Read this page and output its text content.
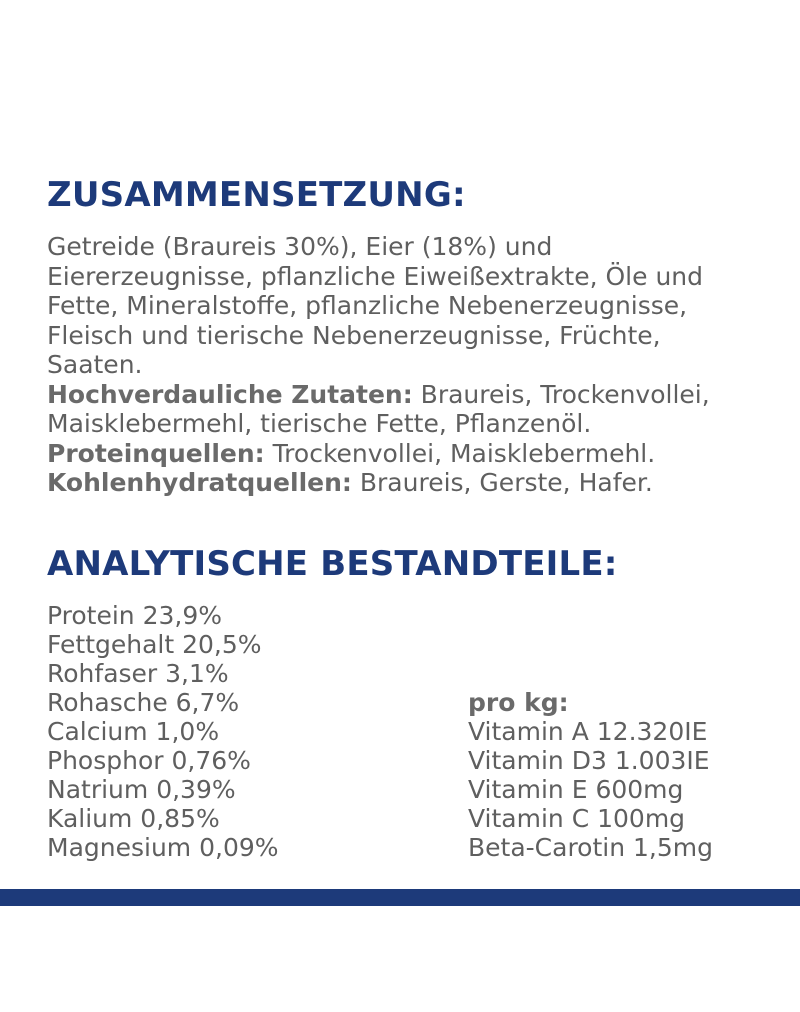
ZUSAMMENSETZUNG:
Getreide (Braureis 30%), Eier (18%) und
Eiererzeugnisse, pflanzliche Eiweißextrakte, Öle und
Fette, Mineralstoffe, pflanzliche Nebenerzeugnisse,
Fleisch und tierische Nebenerzeugnisse, Früchte,
Saaten.
Hochverdauliche Zutaten: Braureis, Trockenvollei,
Maisklebermehl, tierische Fette, Pflanzenöl.
Proteinquellen: Trockenvollei, Maisklebermehl.
Kohlenhydratquellen: Braureis, Gerste, Hafer.
ANALYTISCHE BESTANDTEILE:
Protein 23,9%
Fettgehalt 20,5%
Rohfaser 3,1%
Rohasche 6,7%
Calcium 1,0%
Phosphor 0,76%
Natrium 0,39%
Kalium 0,85%
Magnesium 0,09%
pro kg:
Vitamin A 12.320IE
Vitamin D3 1.003IE
Vitamin E 600mg
Vitamin C 100mg
Beta-Carotin 1,5mg
